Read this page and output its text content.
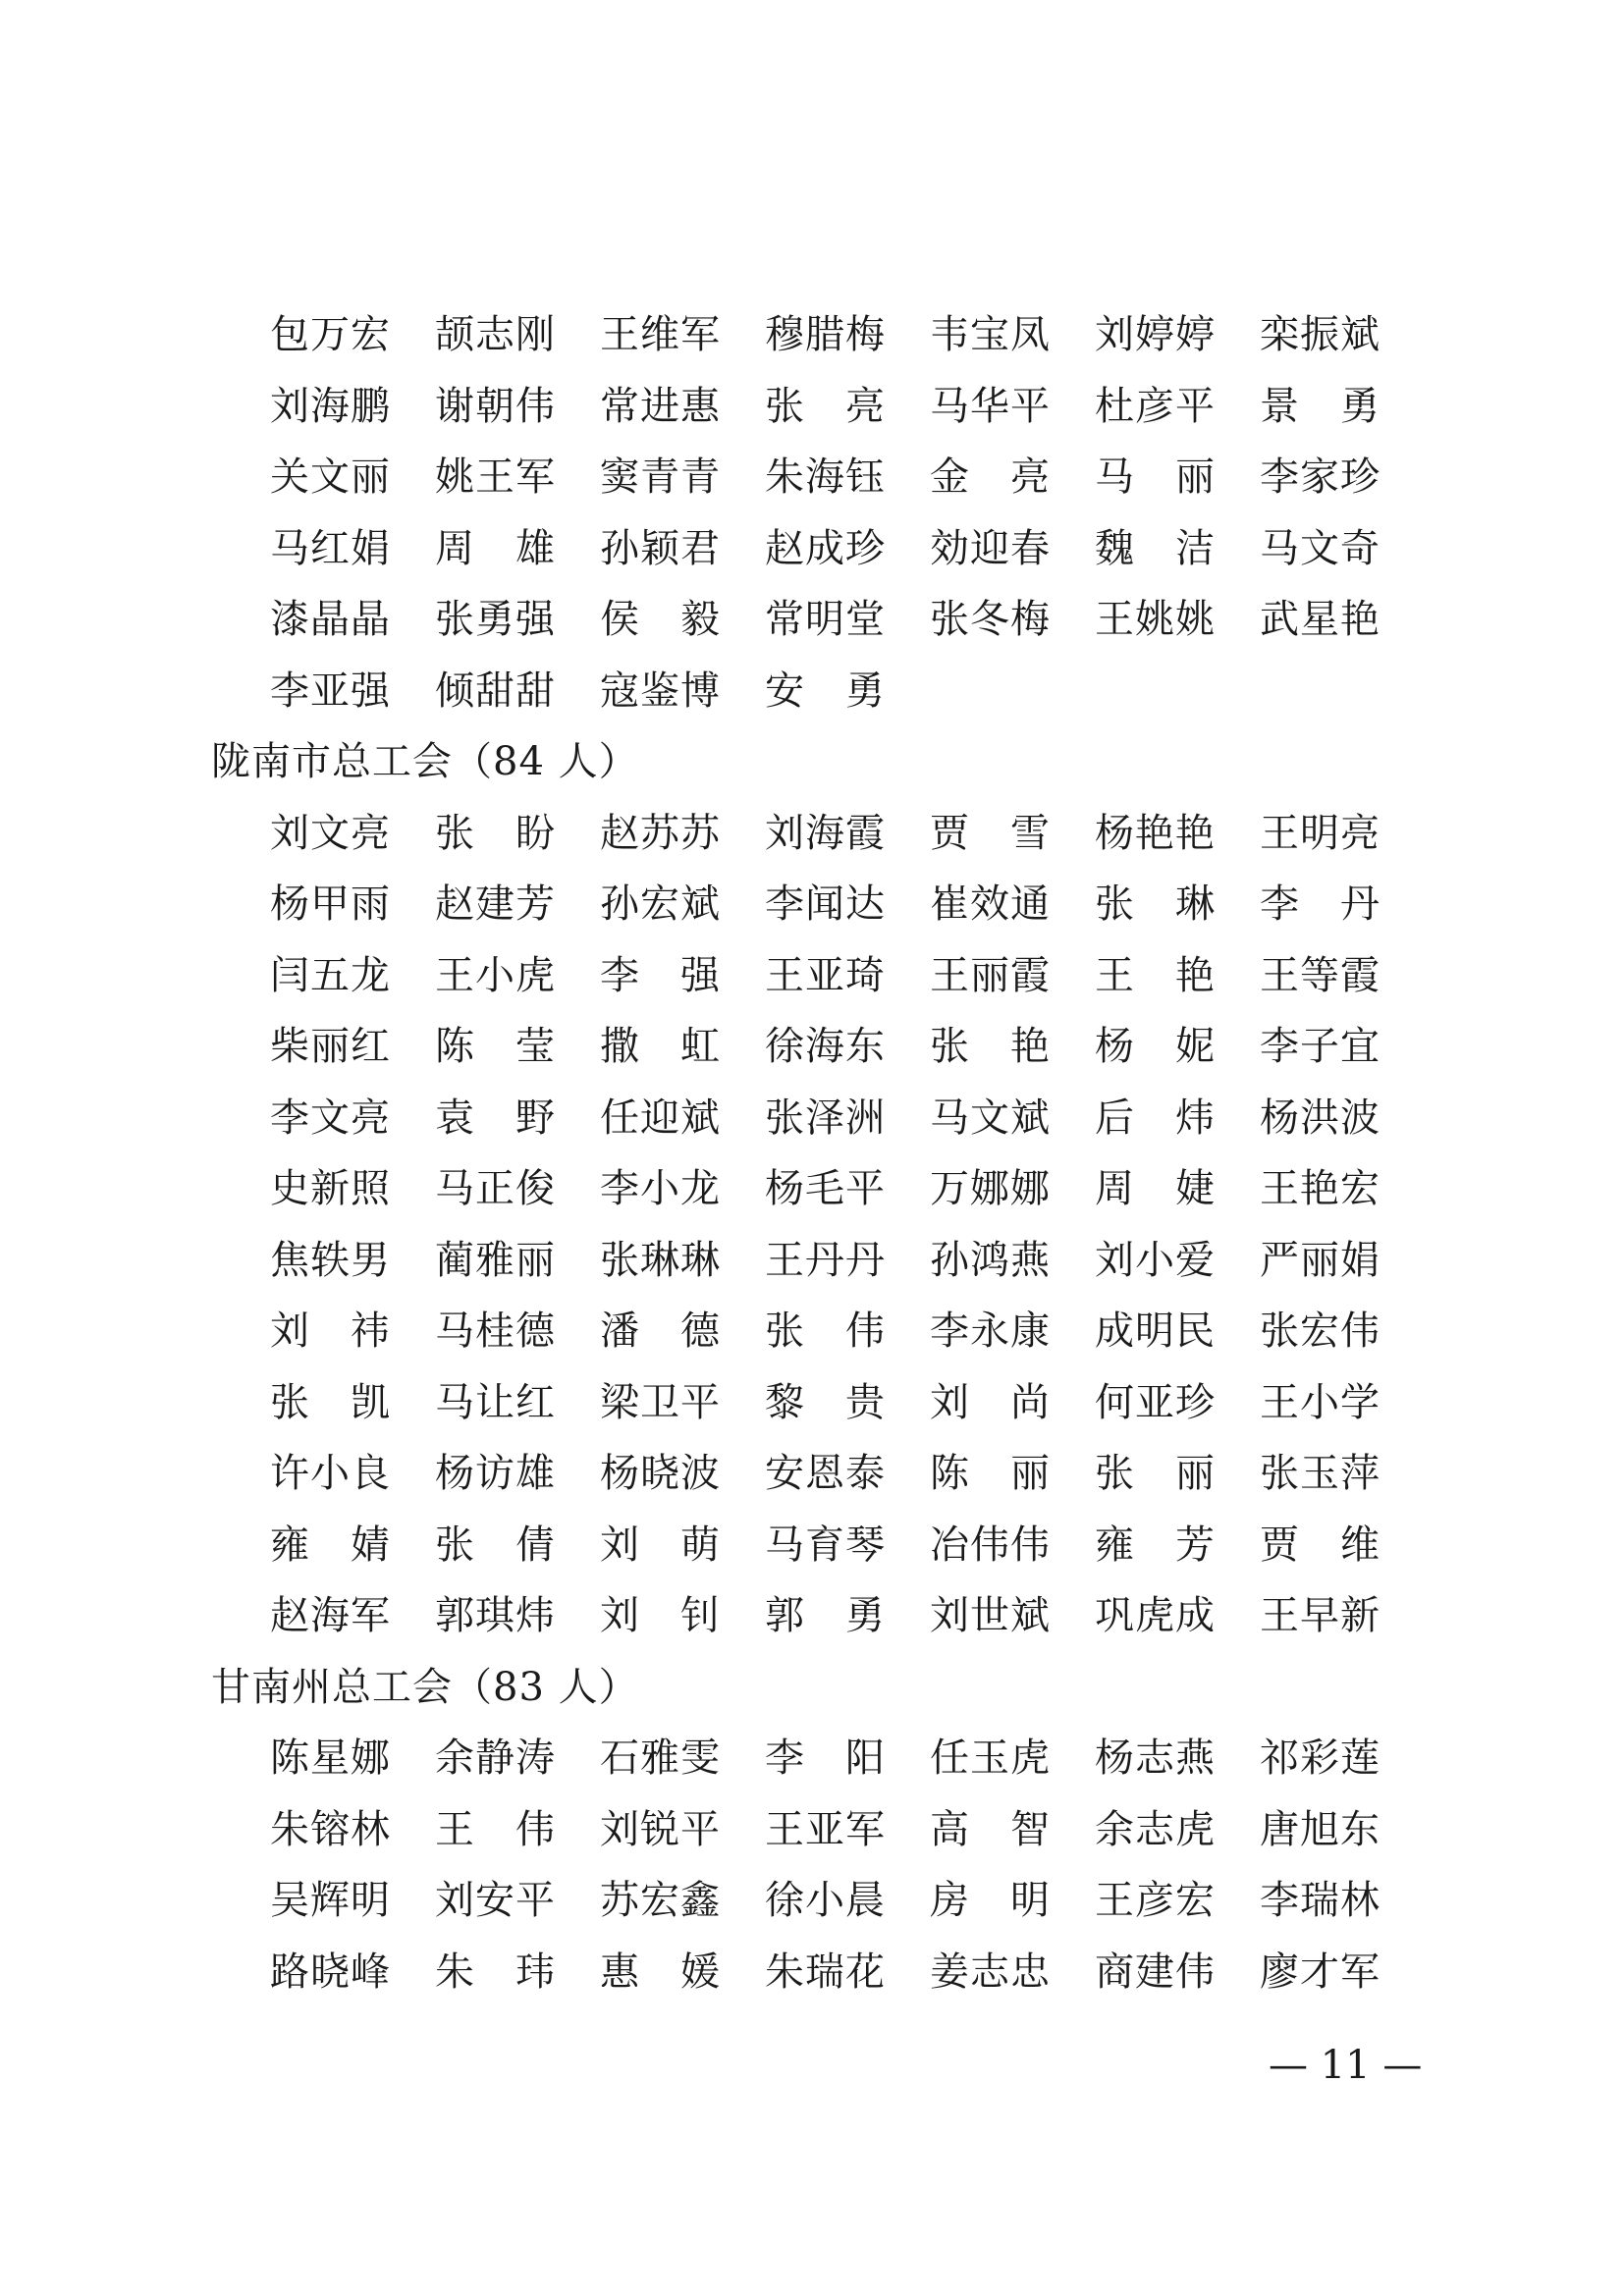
包万宏	颉志刚	王维军	穆腊梅	韦宝凤	刘婷婷	栾振斌
刘海鹏	谢朝伟	常进惠	张　亮	马华平	杜彦平	景　勇
关文丽	姚王军	窦青青	朱海钰	金　亮	马　丽	李家珍
马红娟	周　雄	孙颖君	赵成珍	効迎春	魏　洁	马文奇
漆晶晶	张勇强	侯　毅	常明堂	张冬梅	王姚姚	武星艳
李亚强	倾甜甜	寇鉴博	安　勇
陇南市总工会（84 人）
刘文亮	张　盼	赵苏苏	刘海霞	贾　雪	杨艳艳	王明亮
杨甲雨	赵建芳	孙宏斌	李闻达	崔效通	张　琳	李　丹
闫五龙	王小虎	李　强	王亚琦	王丽霞	王　艳	王等霞
柴丽红	陈　莹	撒　虹	徐海东	张　艳	杨　妮	李子宜
李文亮	袁　野	任迎斌	张泽洲	马文斌	后　炜	杨洪波
史新照	马正俊	李小龙	杨毛平	万娜娜	周　婕	王艳宏
焦轶男	蔺雅丽	张琳琳	王丹丹	孙鸿燕	刘小爱	严丽娟
刘　祎	马桂德	潘　德	张　伟	李永康	成明民	张宏伟
张　凯	马让红	梁卫平	黎　贵	刘　尚	何亚珍	王小学
许小良	杨访雄	杨晓波	安恩泰	陈　丽	张　丽	张玉萍
雍　婧	张　倩	刘　萌	马育琴	冶伟伟	雍　芳	贾　维
赵海军	郭琪炜	刘　钊	郭　勇	刘世斌	巩虎成	王早新
甘南州总工会（83 人）
陈星娜	余静涛	石雅雯	李　阳	任玉虎	杨志燕	祁彩莲
朱镕林	王　伟	刘锐平	王亚军	高　智	余志虎	唐旭东
吴辉明	刘安平	苏宏鑫	徐小晨	房　明	王彦宏	李瑞林
路晓峰	朱　玮	惠　媛	朱瑞花	姜志忠	商建伟	廖才军
— 11 —
